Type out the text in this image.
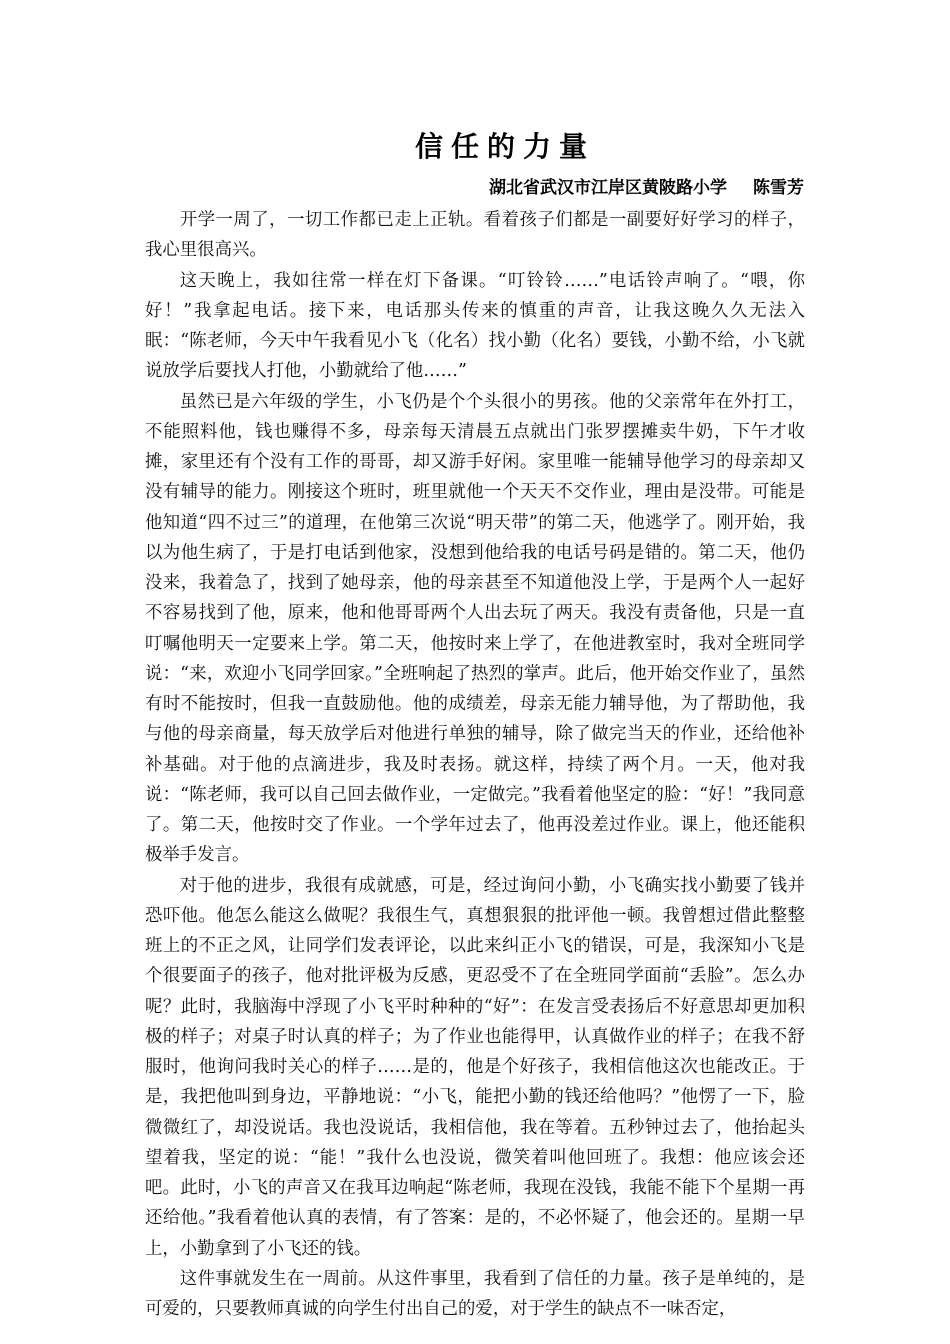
信任的力量
湖北省武汉市江岸区黄陂路小学 陈雪芳

开学一周了，一切工作都已走上正轨。看着孩子们都是一副要好好学习的样子，我心里很高兴。

这天晚上，我如往常一样在灯下备课。“叮铃铃……”电话铃声响了。“喂，你好！”我拿起电话。接下来，电话那头传来的慎重的声音，让我这晚久久无法入眠：“陈老师，今天中午我看见小飞（化名）找小勤（化名）要钱，小勤不给，小飞就说放学后要找人打他，小勤就给了他……”

虽然已是六年级的学生，小飞仍是个个头很小的男孩。他的父亲常年在外打工，不能照料他，钱也赚得不多，母亲每天清晨五点就出门张罗摆摊卖牛奶，下午才收摊，家里还有个没有工作的哥哥，却又游手好闲。家里唯一能辅导他学习的母亲却又没有辅导的能力。刚接这个班时，班里就他一个天天不交作业，理由是没带。可能是他知道“四不过三”的道理，在他第三次说“明天带”的第二天，他逃学了。刚开始，我以为他生病了，于是打电话到他家，没想到他给我的电话号码是错的。第二天，他仍没来，我着急了，找到了她母亲，他的母亲甚至不知道他没上学，于是两个人一起好不容易找到了他，原来，他和他哥哥两个人出去玩了两天。我没有责备他，只是一直叮嘱他明天一定要来上学。第二天，他按时来上学了，在他进教室时，我对全班同学说：“来，欢迎小飞同学回家。”全班响起了热烈的掌声。此后，他开始交作业了，虽然有时不能按时，但我一直鼓励他。他的成绩差，母亲无能力辅导他，为了帮助他，我与他的母亲商量，每天放学后对他进行单独的辅导，除了做完当天的作业，还给他补补基础。对于他的点滴进步，我及时表扬。就这样，持续了两个月。一天，他对我说：“陈老师，我可以自己回去做作业，一定做完。”我看着他坚定的脸：“好！”我同意了。第二天，他按时交了作业。一个学年过去了，他再没差过作业。课上，他还能积极举手发言。

对于他的进步，我很有成就感，可是，经过询问小勤，小飞确实找小勤要了钱并恐吓他。他怎么能这么做呢？我很生气，真想狠狠的批评他一顿。我曾想过借此整整班上的不正之风，让同学们发表评论，以此来纠正小飞的错误，可是，我深知小飞是个很要面子的孩子，他对批评极为反感，更忍受不了在全班同学面前“丢脸”。怎么办呢？此时，我脑海中浮现了小飞平时种种的“好”：在发言受表扬后不好意思却更加积极的样子；对桌子时认真的样子；为了作业也能得甲，认真做作业的样子；在我不舒服时，他询问我时关心的样子……是的，他是个好孩子，我相信他这次也能改正。于是，我把他叫到身边，平静地说：“小飞，能把小勤的钱还给他吗？”他愣了一下，脸微微红了，却没说话。我也没说话，我相信他，我在等着。五秒钟过去了，他抬起头望着我，坚定的说：“能！”我什么也没说，微笑着叫他回班了。我想：他应该会还吧。此时，小飞的声音又在我耳边响起“陈老师，我现在没钱，我能不能下个星期一再还给他。”我看着他认真的表情，有了答案：是的，不必怀疑了，他会还的。星期一早上，小勤拿到了小飞还的钱。

这件事就发生在一周前。从这件事里，我看到了信任的力量。孩子是单纯的，是可爱的，只要教师真诚的向学生付出自己的爱，对于学生的缺点不一味否定，
